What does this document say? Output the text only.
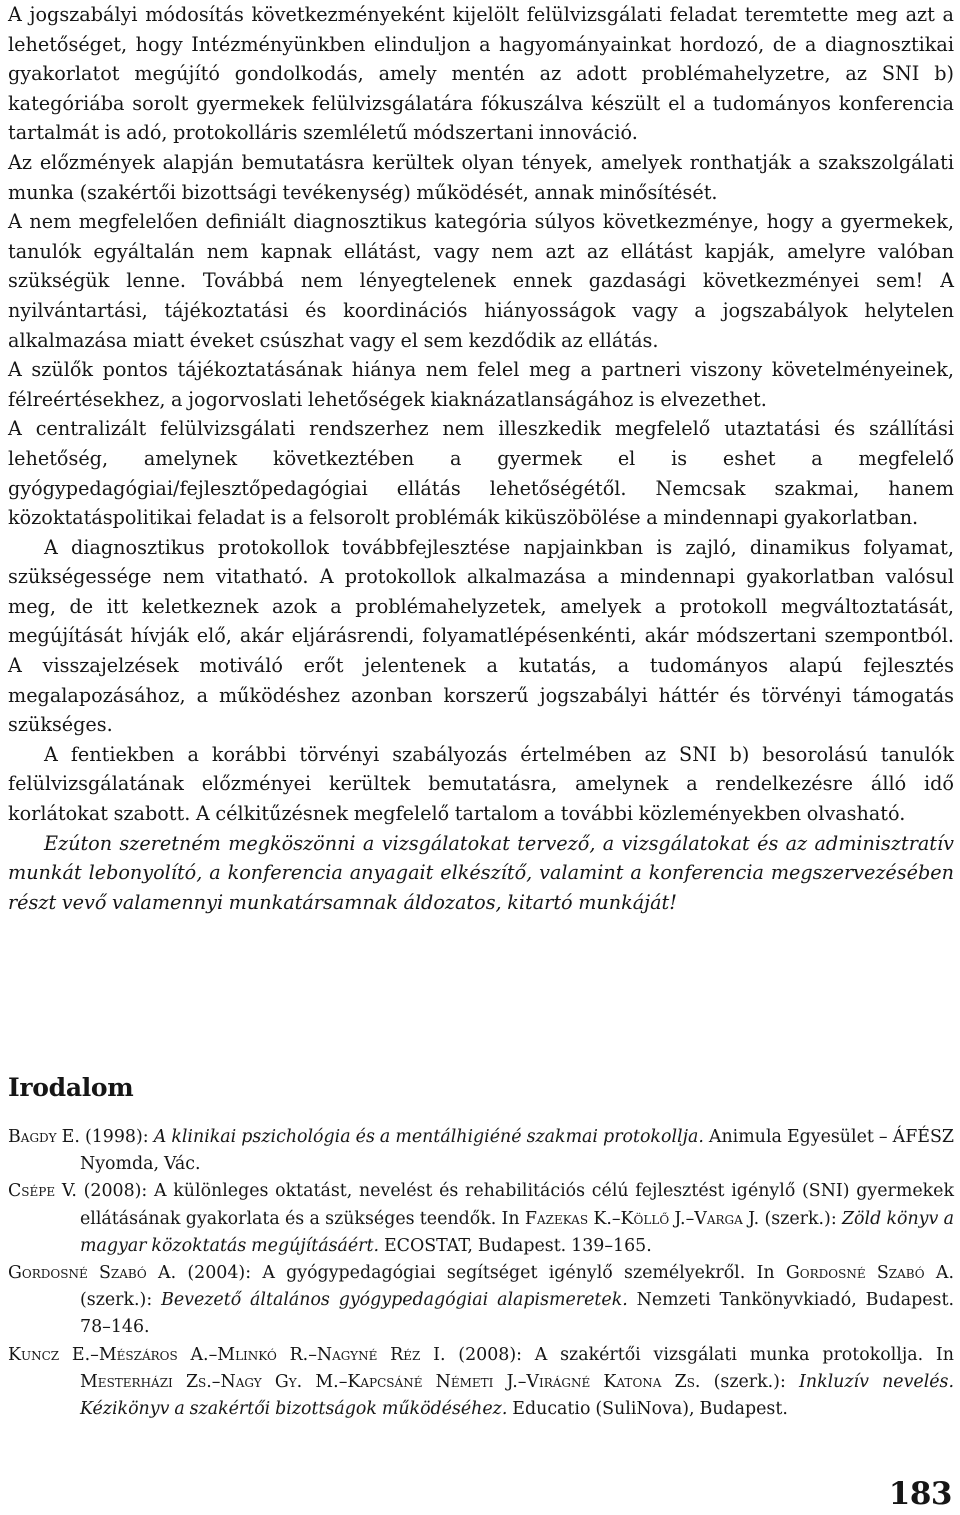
A jogszabályi módosítás következményeként kijelölt felülvizsgálati feladat teremtette meg azt a lehetőséget, hogy Intézményünkben elinduljon a hagyományainkat hordozó, de a diagnosztikai gyakorlatot megújító gondolkodás, amely mentén az adott problémahelyzetre, az SNI b) kategóriába sorolt gyermekek felülvizsgálatára fókuszálva készült el a tudományos konferencia tartalmát is adó, protokolláris szemléletű módszertani innováció.

Az előzmények alapján bemutatásra kerültek olyan tények, amelyek ronthatják a szakszolgálati munka (szakértői bizottsági tevékenység) működését, annak minősítését.

A nem megfelelően definiált diagnosztikus kategória súlyos következménye, hogy a gyermekek, tanulók egyáltalán nem kapnak ellátást, vagy nem azt az ellátást kapják, amelyre valóban szükségük lenne. Továbbá nem lényegtelenek ennek gazdasági következményei sem! A nyilvántartási, tájékoztatási és koordinációs hiányosságok vagy a jogszabályok helytelen alkalmazása miatt éveket csúszhat vagy el sem kezdődik az ellátás.

A szülők pontos tájékoztatásának hiánya nem felel meg a partneri viszony követelményeinek, félreértésekhez, a jogorvoslati lehetőségek kiaknázatlanságához is elvezethet.

A centralizált felülvizsgálati rendszerhez nem illeszkedik megfelelő utaztatási és szállítási lehetőség, amelynek következtében a gyermek el is eshet a megfelelő gyógypedagógiai/fejlesztőpedagógiai ellátás lehetőségétől. Nemcsak szakmai, hanem közoktatáspolitikai feladat is a felsorolt problémák kiküszöbölése a mindennapi gyakorlatban.

A diagnosztikus protokollok továbbfejlesztése napjainkban is zajló, dinamikus folyamat, szükségessége nem vitatható. A protokollok alkalmazása a mindennapi gyakorlatban valósul meg, de itt keletkeznek azok a problémahelyzetek, amelyek a protokoll megváltoztatását, megújítását hívják elő, akár eljárásrendi, folyamatlépésenkénti, akár módszertani szempontból. A visszajelzések motiváló erőt jelentenek a kutatás, a tudományos alapú fejlesztés megalapozásához, a működéshez azonban korszerű jogszabályi háttér és törvényi támogatás szükséges.

A fentiekben a korábbi törvényi szabályozás értelmében az SNI b) besorolású tanulók felülvizsgálatának előzményei kerültek bemutatásra, amelynek a rendelkezésre álló idő korlátokat szabott. A célkitűzésnek megfelelő tartalom a további közleményekben olvasható.

Ezúton szeretném megköszönni a vizsgálatokat tervező, a vizsgálatokat és az adminisztratív munkát lebonyolító, a konferencia anyagait elkészítő, valamint a konferencia megszervezésében részt vevő valamennyi munkatársamnak áldozatos, kitartó munkáját!

Irodalom

Bagdy E. (1998): A klinikai pszichológia és a mentálhigiéné szakmai protokollja. Animula Egyesület – ÁFÉSZ Nyomda, Vác.

Csépe V. (2008): A különleges oktatást, nevelést és rehabilitációs célú fejlesztést igénylő (SNI) gyermekek ellátásának gyakorlata és a szükséges teendők. In Fazekas K.–Köllő J.–Varga J. (szerk.): Zöld könyv a magyar közoktatás megújításáért. ECOSTAT, Budapest. 139–165.

Gordosné Szabó A. (2004): A gyógypedagógiai segítséget igénylő személyekről. In Gordosné Szabó A. (szerk.): Bevezető általános gyógypedagógiai alapismeretek. Nemzeti Tankönyvkiadó, Budapest. 78–146.

Kuncz E.–Mészáros A.–Mlinkó R.–Nagyné Réz I. (2008): A szakértői vizsgálati munka protokollja. In Mesterházi Zs.–Nagy Gy. M.–Kapcsáné Németi J.–Virágné Katona Zs. (szerk.): Inkluzív nevelés. Kézikönyv a szakértői bizottságok működéséhez. Educatio (SuliNova), Budapest.

183
